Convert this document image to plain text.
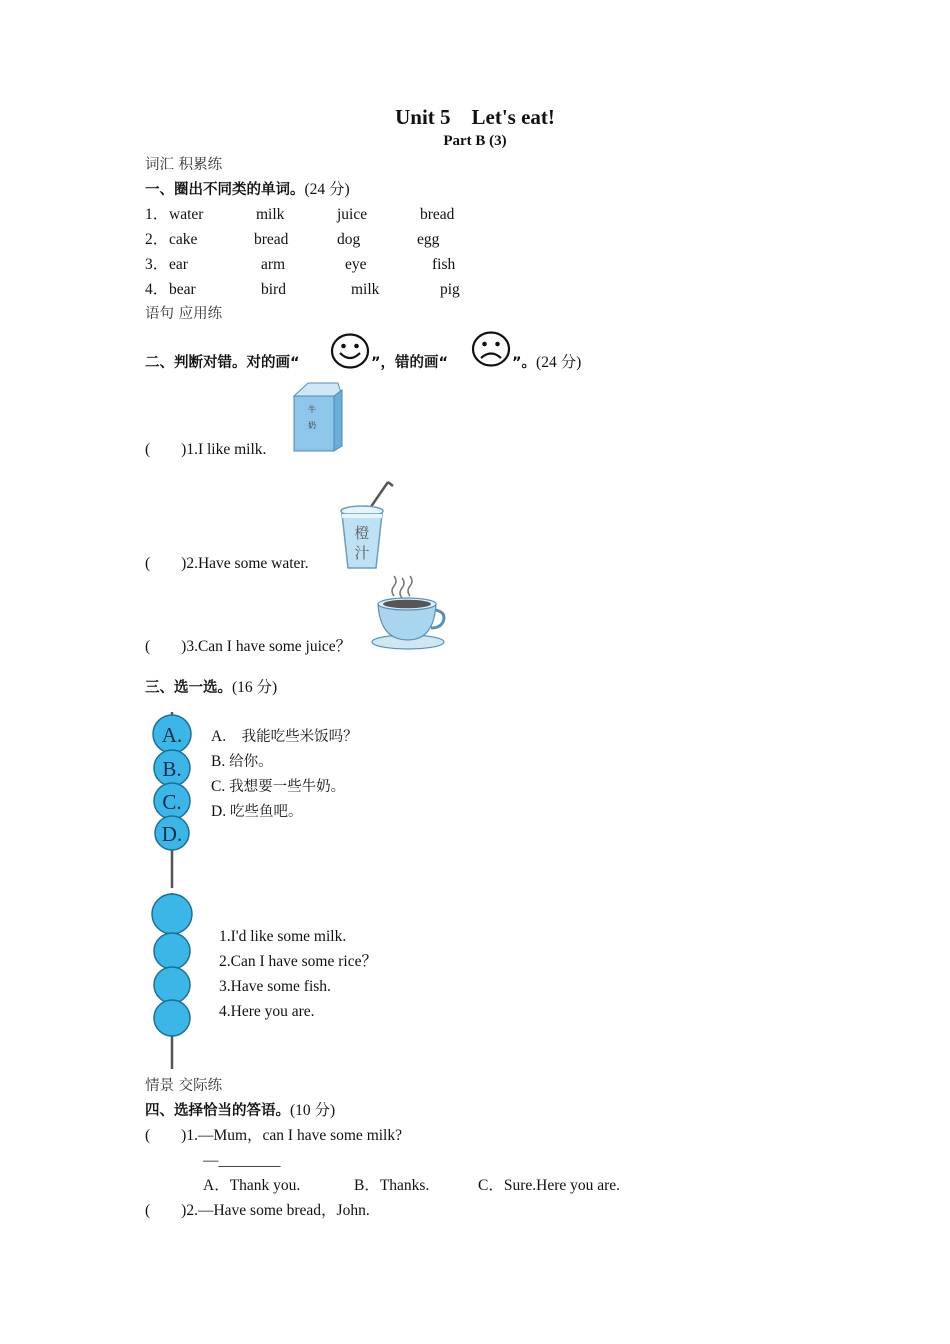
Unit 5　Let's eat!
Part B (3)
词汇 积累练
一、圈出不同类的单词。(24 分)
1． water	milk	juice	bread
2． cake	bread	dog	egg
3． ear	arm	eye	fish
4． bear	bird	milk	pig
语句 应用练
二、判断对错。对的画“	”，错的画“	”。(24 分)
(　　)1.I like milk.
牛
奶
(　　)2.Have some water.
橙
汁
(　　)3.Can I have some juice？
三、选一选。(16 分)
A.
B.
C.
D.
A.　 我能吃些米饭吗？
B. 给你。
C. 我想要一些牛奶。
D. 吃些鱼吧。
1.I'd like some milk.
2.Can I have some rice？
3.Have some fish.
4.Here you are.
情景 交际练
四、选择恰当的答语。(10 分)
(　　)1.—Mum，can I have some milk?
—________
A．Thank you.	B．Thanks.	C．Sure.Here you are.
(　　)2.—Have some bread，John.
